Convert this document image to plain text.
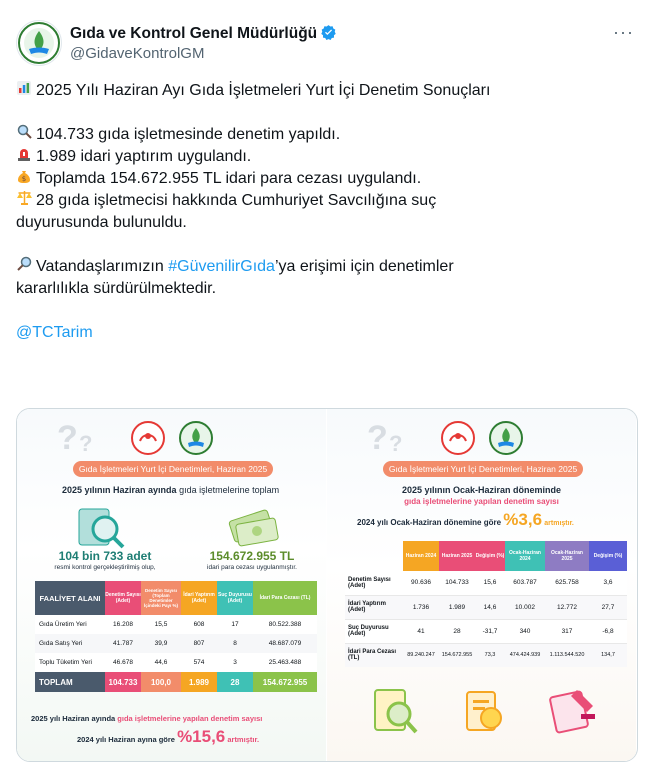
Gıda ve Kontrol Genel Müdürlüğü
@GidaveKontrolGM
···

2025 Yılı Haziran Ayı Gıda İşletmeleri Yurt İçi Denetim Sonuçları

104.733 gıda işletmesinde denetim yapıldı.

1.989 idari yaptırım uygulandı.

$ Toplamda 154.672.955 TL idari para cezası uygulandı.

28 gıda işletmecisi hakkında Cumhuriyet Savcılığına suç

duyurusunda bulunuldu.

Vatandaşlarımızın #GüvenilirGıda’ya erişimi için denetimler

kararlılıkla sürdürülmektedir.

@TCTarim

? ?
Gıda İşletmeleri Yurt İçi Denetimleri, Haziran 2025
2025 yılının Haziran ayında gıda işletmelerine toplam
104 bin 733 adet
resmi kontrol gerçekleştirilmiş olup,
154.672.955 TL
idari para cezası uygulanmıştır.
FAALİYET ALANI	Denetim Sayısı (Adet)	Denetim Sayısı (Toplam Denetimler İçindeki Payı %)	İdari Yaptırım (Adet)	Suç Duyurusu (Adet)	İdari Para Cezası (TL)
Gıda Üretim Yeri	16.208	15,5	608	17	80.522.388
Gıda Satış Yeri	41.787	39,9	807	8	48.687.079
Toplu Tüketim Yeri	46.678	44,6	574	3	25.463.488
TOPLAM	104.733	100,0	1.989	28	154.672.955
2025 yılı Haziran ayında gıda işletmelerine yapılan denetim sayısı
2024 yılı Haziran ayına göre %15,6 artmıştır.
? ?
Gıda İşletmeleri Yurt İçi Denetimleri, Haziran 2025
2025 yılının Ocak-Haziran döneminde
gıda işletmelerine yapılan denetim sayısı
2024 yılı Ocak-Haziran dönemine göre %3,6 artmıştır.
	Haziran 2024	Haziran 2025	Değişim (%)	Ocak-Haziran 2024	Ocak-Haziran 2025	Değişim (%)
Denetim Sayısı (Adet)	90.636	104.733	15,6	603.787	625.758	3,6
İdari Yaptırım (Adet)	1.736	1.989	14,6	10.002	12.772	27,7
Suç Duyurusu (Adet)	41	28	-31,7	340	317	-6,8
İdari Para Cezası (TL)	89.240.247	154.672.955	73,3	474.424.939	1.113.544.520	134,7
